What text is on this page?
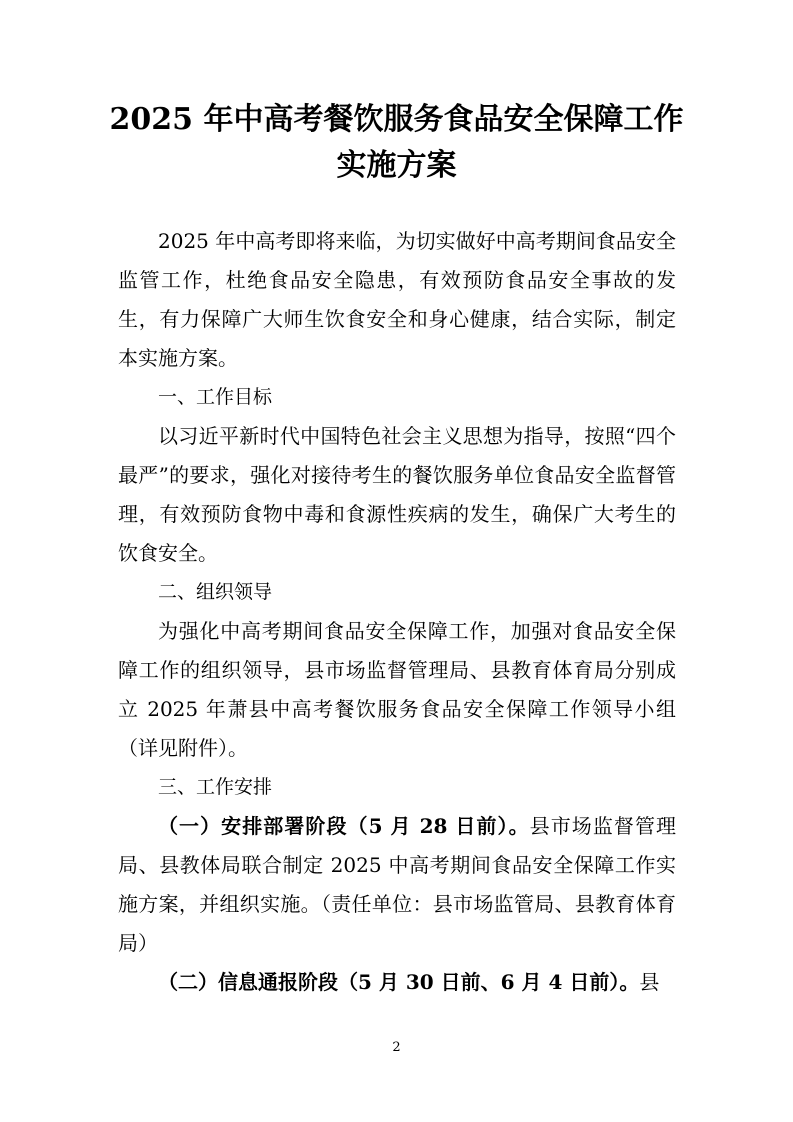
2025 年中高考餐饮服务食品安全保障工作
实施方案

2025 年中高考即将来临，为切实做好中高考期间食品安全监管工作，杜绝食品安全隐患，有效预防食品安全事故的发生，有力保障广大师生饮食安全和身心健康，结合实际，制定本实施方案。

一、工作目标

以习近平新时代中国特色社会主义思想为指导，按照“四个最严”的要求，强化对接待考生的餐饮服务单位食品安全监督管理，有效预防食物中毒和食源性疾病的发生，确保广大考生的饮食安全。

二、组织领导

为强化中高考期间食品安全保障工作，加强对食品安全保障工作的组织领导，县市场监督管理局、县教育体育局分别成立 2025 年萧县中高考餐饮服务食品安全保障工作领导小组（详见附件）。

三、工作安排

（一）安排部署阶段（5 月 28 日前）。县市场监督管理局、县教体局联合制定 2025 中高考期间食品安全保障工作实施方案，并组织实施。（责任单位：县市场监管局、县教育体育局）

（二）信息通报阶段（5 月 30 日前、6 月 4 日前）。县

2
